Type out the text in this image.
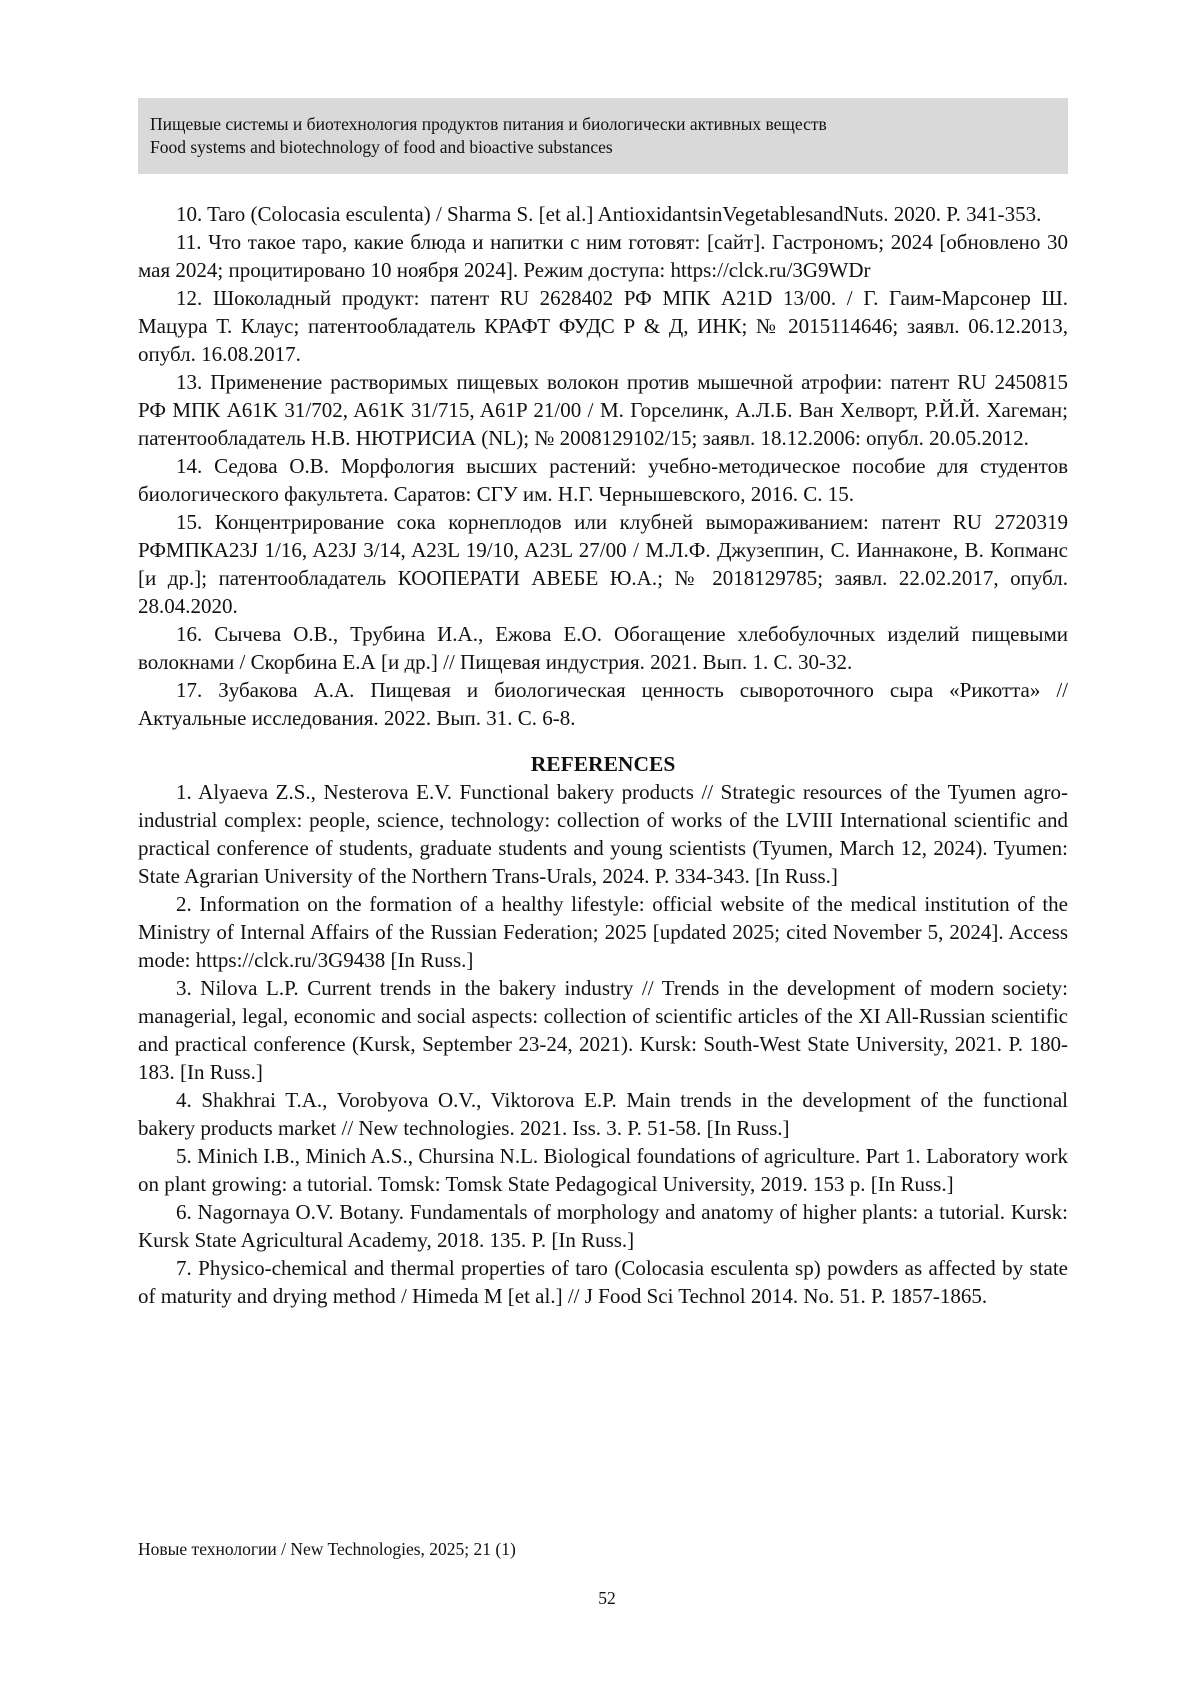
Пищевые системы и биотехнология продуктов питания и биологически активных веществ
Food systems and biotechnology of food and bioactive substances

10. Taro (Colocasia esculenta) / Sharma S. [et al.] AntioxidantsinVegetablesandNuts. 2020. P. 341-353.

11. Что такое таро, какие блюда и напитки с ним готовят: [сайт]. Гастрономъ; 2024 [обновлено 30 мая 2024; процитировано 10 ноября 2024]. Режим доступа: https://clck.ru/3G9WDr

12. Шоколадный продукт: патент RU 2628402 РФ МПК A21D 13/00. / Г. Гаим-Марсонер Ш. Мацура Т. Клаус; патентообладатель КРАФТ ФУДС Р & Д, ИНК; № 2015114646; заявл. 06.12.2013, опубл. 16.08.2017.

13. Применение растворимых пищевых волокон против мышечной атрофии: патент RU 2450815 РФ МПК A61K 31/702, A61K 31/715, A61P 21/00 / М. Горселинк, А.Л.Б. Ван Хелворт, Р.Й.Й. Хагеман; патентообладатель Н.В. НЮТРИСИА (NL); № 2008129102/15; заявл. 18.12.2006: опубл. 20.05.2012.

14. Седова О.В. Морфология высших растений: учебно-методическое пособие для студентов биологического факультета. Саратов: СГУ им. Н.Г. Чернышевского, 2016. С. 15.

15. Концентрирование сока корнеплодов или клубней вымораживанием: патент RU 2720319 РФМПКА23J 1/16, A23J 3/14, A23L 19/10, A23L 27/00 / М.Л.Ф. Джузеппин, С. Ианнаконе, В. Копманс [и др.]; патентообладатель КООПЕРАТИ АВЕБЕ Ю.А.; № 2018129785; заявл. 22.02.2017, опубл. 28.04.2020.

16. Сычева О.В., Трубина И.А., Ежова Е.О. Обогащение хлебобулочных изделий пищевыми волокнами / Скорбина Е.А [и др.] // Пищевая индустрия. 2021. Вып. 1. С. 30-32.

17. Зубакова А.А. Пищевая и биологическая ценность сывороточного сыра «Рикотта» // Актуальные исследования. 2022. Вып. 31. С. 6-8.

REFERENCES

1. Alyaeva Z.S., Nesterova E.V. Functional bakery products // Strategic resources of the Tyumen agro-industrial complex: people, science, technology: collection of works of the LVIII International scientific and practical conference of students, graduate students and young scientists (Tyumen, March 12, 2024). Tyumen: State Agrarian University of the Northern Trans-Urals, 2024. P. 334-343. [In Russ.]

2. Information on the formation of a healthy lifestyle: official website of the medical institution of the Ministry of Internal Affairs of the Russian Federation; 2025 [updated 2025; cited November 5, 2024]. Access mode: https://clck.ru/3G9438 [In Russ.]

3. Nilova L.P. Current trends in the bakery industry // Trends in the development of modern society: managerial, legal, economic and social aspects: collection of scientific articles of the XI All-Russian scientific and practical conference (Kursk, September 23-24, 2021). Kursk: South-West State University, 2021. P. 180-183. [In Russ.]

4. Shakhrai T.A., Vorobyova O.V., Viktorova E.P. Main trends in the development of the functional bakery products market // New technologies. 2021. Iss. 3. P. 51-58. [In Russ.]

5. Minich I.B., Minich A.S., Chursina N.L. Biological foundations of agriculture. Part 1. Laboratory work on plant growing: a tutorial. Tomsk: Tomsk State Pedagogical University, 2019. 153 p. [In Russ.]

6. Nagornaya O.V. Botany. Fundamentals of morphology and anatomy of higher plants: a tutorial. Kursk: Kursk State Agricultural Academy, 2018. 135. P. [In Russ.]

7. Physico-chemical and thermal properties of taro (Colocasia esculenta sp) powders as affected by state of maturity and drying method / Himeda M [et al.] // J Food Sci Technol 2014. No. 51. P. 1857-1865.

Новые технологии / New Technologies, 2025; 21 (1)
52
